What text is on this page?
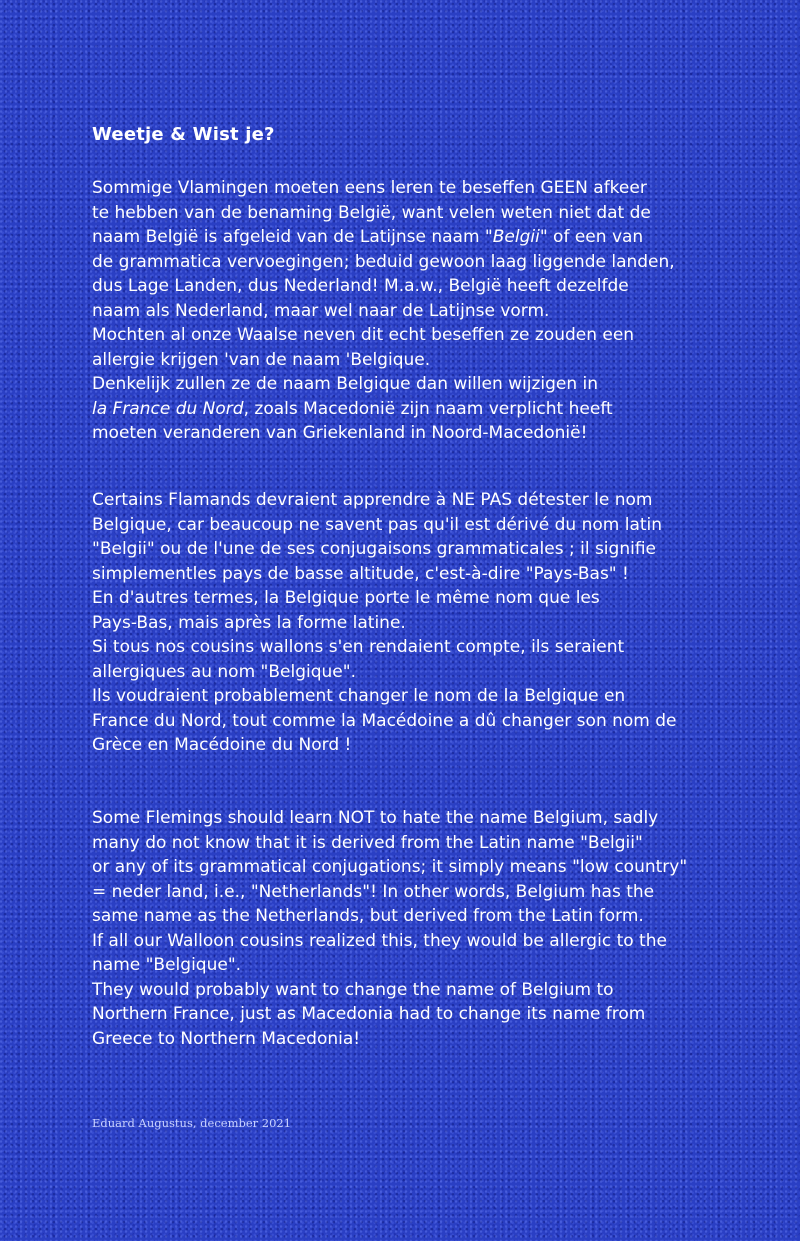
Weetje & Wist je?
Sommige Vlamingen moeten eens leren te beseffen GEEN afkeer
te hebben van de benaming België, want velen weten niet dat de
naam België is afgeleid van de Latijnse naam "Belgii" of een van
de grammatica vervoegingen; beduid gewoon laag liggende landen,
dus Lage Landen, dus Nederland! M.a.w., België heeft dezelfde
naam als Nederland, maar wel naar de Latijnse vorm.
Mochten al onze Waalse neven dit echt beseffen ze zouden een
allergie krijgen 'van de naam 'Belgique.
Denkelijk zullen ze de naam Belgique dan willen wijzigen in
la France du Nord, zoals Macedonië zijn naam verplicht heeft
moeten veranderen van Griekenland in Noord-Macedonië!
Certains Flamands devraient apprendre à NE PAS détester le nom
Belgique, car beaucoup ne savent pas qu'il est dérivé du nom latin
"Belgii" ou de l'une de ses conjugaisons grammaticales ; il signifie
simplementles pays de basse altitude, c'est-à-dire "Pays-Bas" !
En d'autres termes, la Belgique porte le même nom que les
Pays-Bas, mais après la forme latine.
Si tous nos cousins wallons s'en rendaient compte, ils seraient
allergiques au nom "Belgique".
Ils voudraient probablement changer le nom de la Belgique en
France du Nord, tout comme la Macédoine a dû changer son nom de
Grèce en Macédoine du Nord !
Some Flemings should learn NOT to hate the name Belgium, sadly
many do not know that it is derived from the Latin name "Belgii"
or any of its grammatical conjugations; it simply means "low country"
= neder land, i.e., "Netherlands"! In other words, Belgium has the
same name as the Netherlands, but derived from the Latin form.
If all our Walloon cousins realized this, they would be allergic to the
name "Belgique".
They would probably want to change the name of Belgium to
Northern France, just as Macedonia had to change its name from
Greece to Northern Macedonia!

Eduard Augustus, december 2021
